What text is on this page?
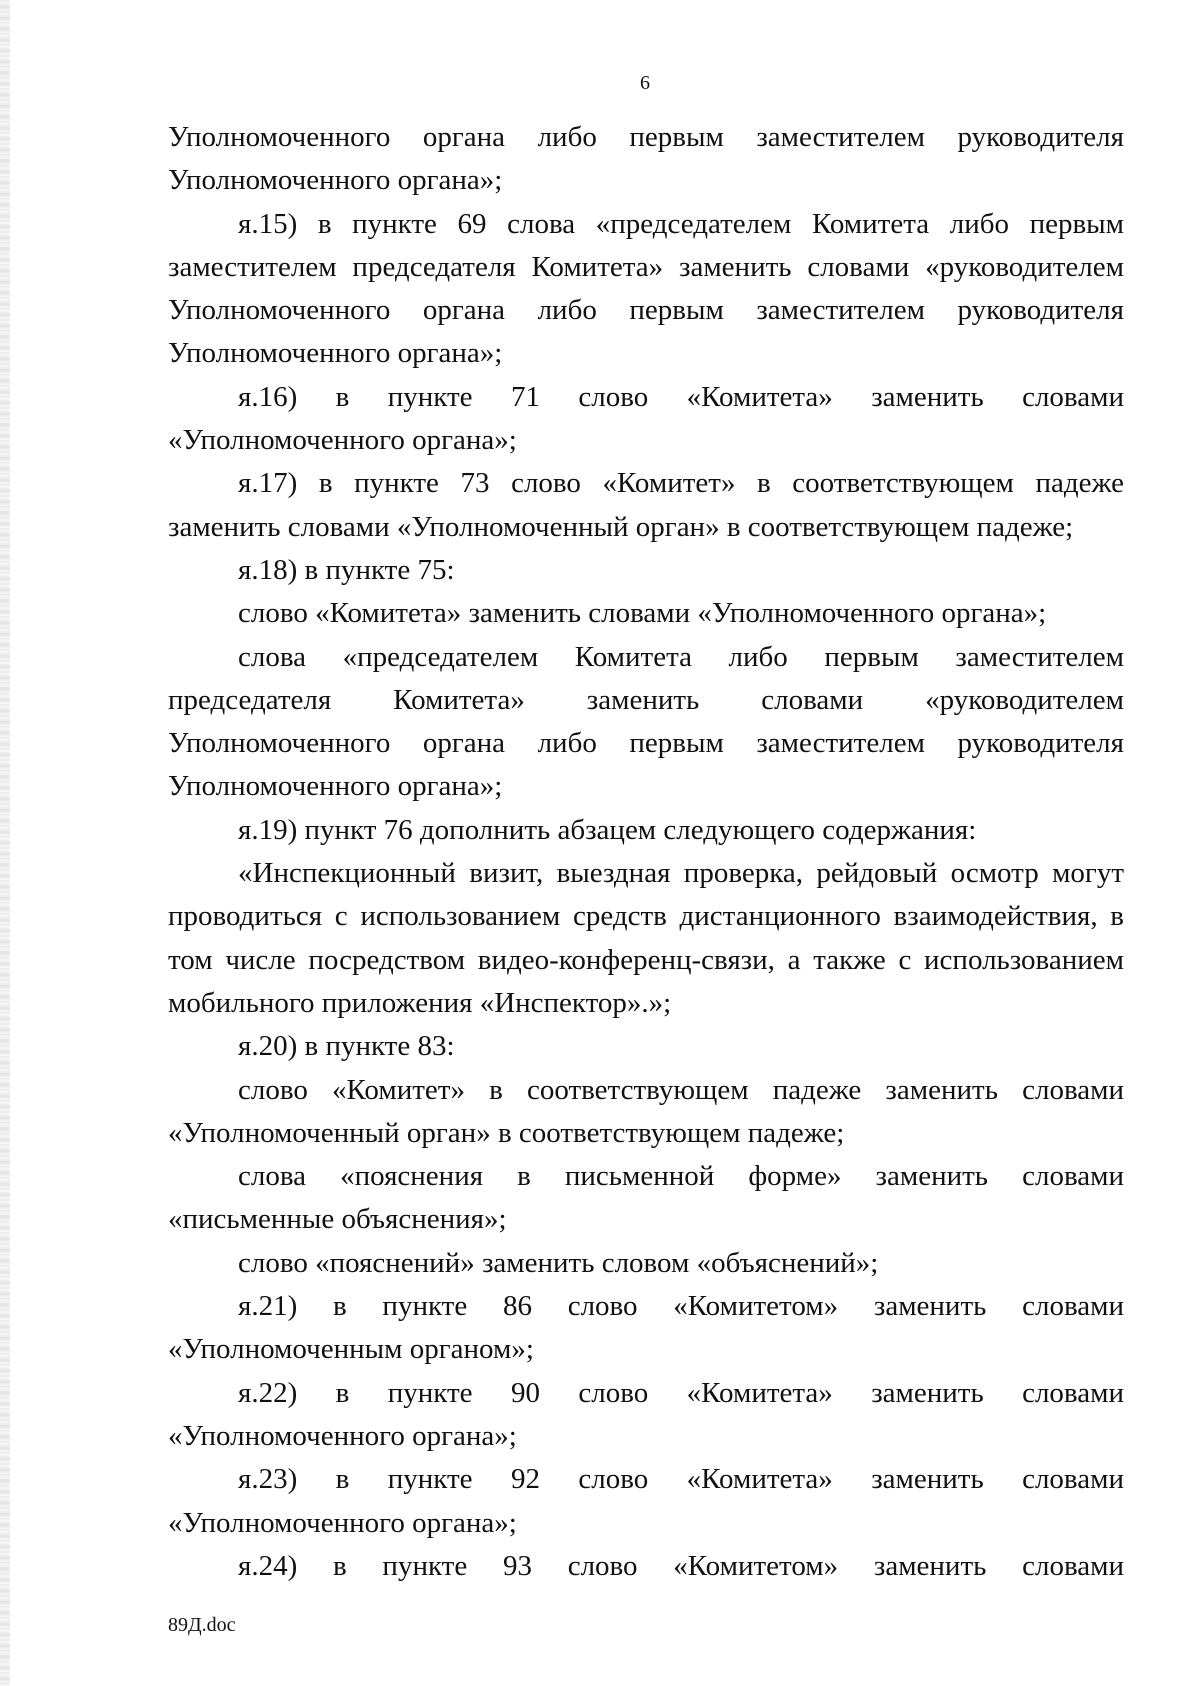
6

Уполномоченного органа либо первым заместителем руководителя Уполномоченного органа»;

я.15) в пункте 69 слова «председателем Комитета либо первым заместителем председателя Комитета» заменить словами «руководителем Уполномоченного органа либо первым заместителем руководителя Уполномоченного органа»;

я.16) в пункте 71 слово «Комитета» заменить словами «Уполномоченного органа»;

я.17) в пункте 73 слово «Комитет» в соответствующем падеже заменить словами «Уполномоченный орган» в соответствующем падеже;

я.18) в пункте 75:

слово «Комитета» заменить словами «Уполномоченного органа»;

слова «председателем Комитета либо первым заместителем председателя Комитета» заменить словами «руководителем Уполномоченного органа либо первым заместителем руководителя Уполномоченного органа»;

я.19) пункт 76 дополнить абзацем следующего содержания:

«Инспекционный визит, выездная проверка, рейдовый осмотр могут проводиться с использованием средств дистанционного взаимодействия, в том числе посредством видео-конференц-связи, а также с использованием мобильного приложения «Инспектор».»;

я.20) в пункте 83:

слово «Комитет» в соответствующем падеже заменить словами «Уполномоченный орган» в соответствующем падеже;

слова «пояснения в письменной форме» заменить словами «письменные объяснения»;

слово «пояснений» заменить словом «объяснений»;

я.21) в пункте 86 слово «Комитетом» заменить словами «Уполномоченным органом»;

я.22) в пункте 90 слово «Комитета» заменить словами «Уполномоченного органа»;

я.23) в пункте 92 слово «Комитета» заменить словами «Уполномоченного органа»;

я.24) в пункте 93 слово «Комитетом» заменить словами

89Д.doc
